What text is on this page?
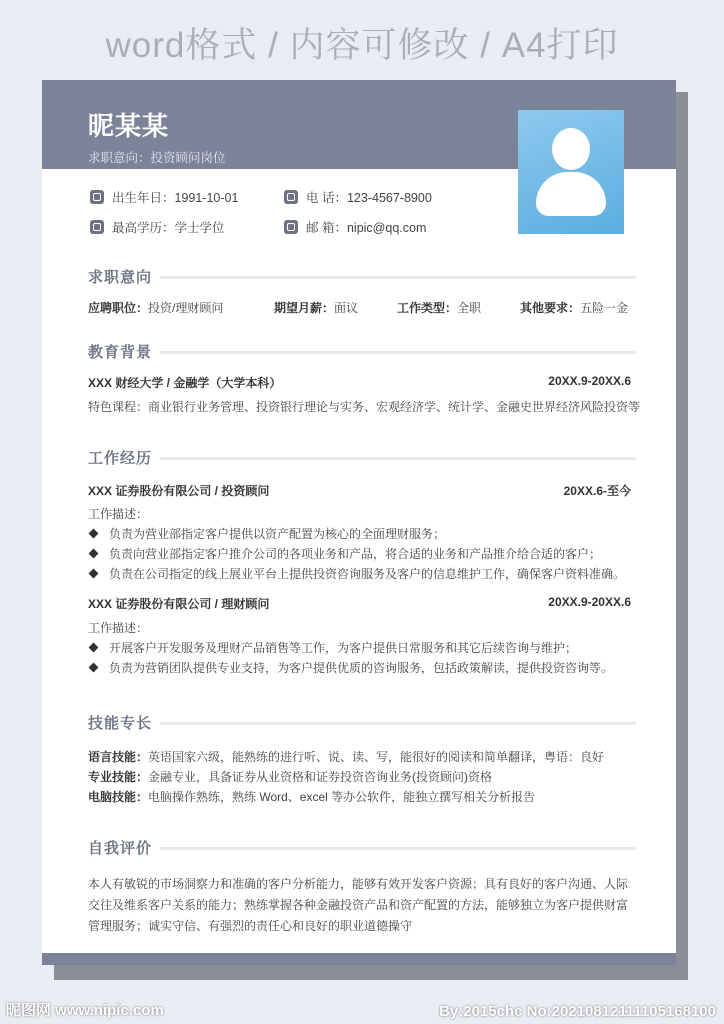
word格式 / 内容可修改 / A4打印
昵某某
求职意向：投资顾问岗位
出生年日：1991-10-01	电 话：123-4567-8900
最高学历：学士学位	邮 箱：nipic@qq.com
求职意向
应聘职位：投资/理财顾问	期望月薪：面议	工作类型：全职	其他要求：五险一金
教育背景
XXX 财经大学 / 金融学（大学本科）	20XX.9-20XX.6
特色课程：商业银行业务管理、投资银行理论与实务、宏观经济学、统计学、金融史世界经济风险投资等
工作经历
XXX 证券股份有限公司 / 投资顾问	20XX.6-至今
工作描述：
负责为营业部指定客户提供以资产配置为核心的全面理财服务；
负责向营业部指定客户推介公司的各项业务和产品，将合适的业务和产品推介给合适的客户；
负责在公司指定的线上展业平台上提供投资咨询服务及客户的信息维护工作，确保客户资料准确。
XXX 证券股份有限公司 / 理财顾问	20XX.9-20XX.6
工作描述：
开展客户开发服务及理财产品销售等工作，为客户提供日常服务和其它后续咨询与维护；
负责为营销团队提供专业支持，为客户提供优质的咨询服务，包括政策解读，提供投资咨询等。
技能专长
语言技能：英语国家六级，能熟练的进行听、说、读、写，能很好的阅读和简单翻译，粤语：良好
专业技能：金融专业，具备证券从业资格和证券投资咨询业务(投资顾问)资格
电脑技能：电脑操作熟练，熟练 Word、excel 等办公软件，能独立撰写相关分析报告
自我评价
本人有敏锐的市场洞察力和准确的客户分析能力，能够有效开发客户资源；具有良好的客户沟通、人际交往及维系客户关系的能力；熟练掌握各种金融投资产品和资产配置的方法，能够独立为客户提供财富管理服务；诚实守信、有强烈的责任心和良好的职业道德操守
昵图网 www.nipic.com	By:2015chc No:20210812111105168100
